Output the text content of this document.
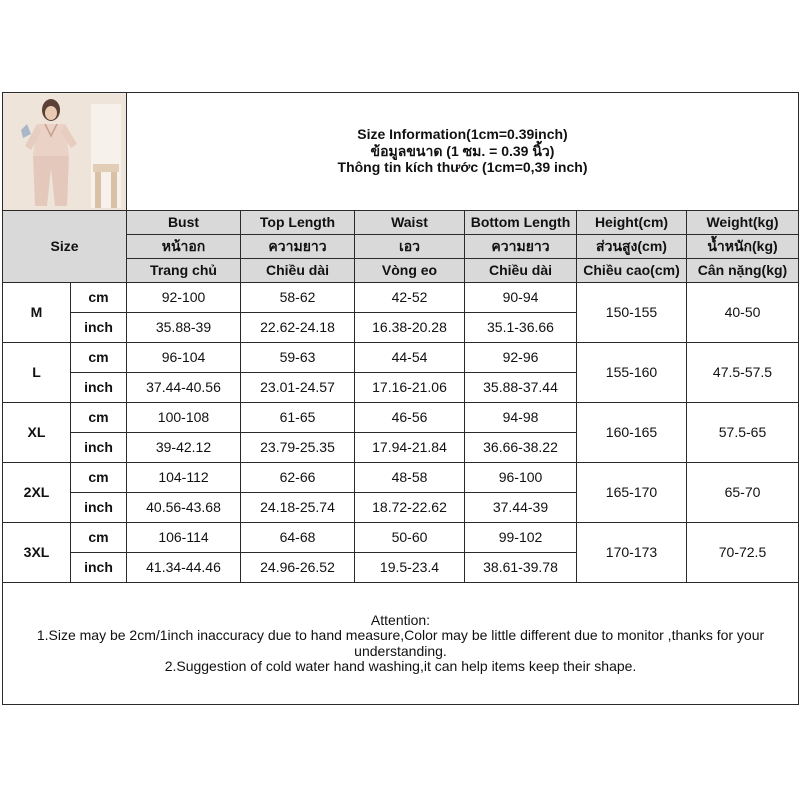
Size Information(1cm=0.39inch)
ข้อมูลขนาด (1 ซม. = 0.39 นิ้ว)
Thông tin kích thước (1cm=0,39 inch)					

Size		Bust	Top Length	Waist	Bottom Length	Height(cm)	Weight(kg)
		หน้าอก	ความยาว	เอว	ความยาว	ส่วนสูง(cm)	น้ำหนัก(kg)
		Trang chủ	Chiều dài	Vòng eo	Chiều dài	Chiều cao(cm)	Cân nặng(kg)
M	cm	92-100	58-62	42-52	90-94	150-155	40-50
	inch	35.88-39	22.62-24.18	16.38-20.28	35.1-36.66		
L	cm	96-104	59-63	44-54	92-96	155-160	47.5-57.5
	inch	37.44-40.56	23.01-24.57	17.16-21.06	35.88-37.44		
XL	cm	100-108	61-65	46-56	94-98	160-165	57.5-65
	inch	39-42.12	23.79-25.35	17.94-21.84	36.66-38.22		
2XL	cm	104-112	62-66	48-58	96-100	165-170	65-70
	inch	40.56-43.68	24.18-25.74	18.72-22.62	37.44-39		
3XL	cm	106-114	64-68	50-60	99-102	170-173	70-72.5
	inch	41.34-44.46	24.96-26.52	19.5-23.4	38.61-39.78		

Attention:
1.Size may be 2cm/1inch inaccuracy due to hand measure,Color may be little different due to monitor ,thanks for your understanding.
2.Suggestion of cold water hand washing,it can help items keep their shape.							
